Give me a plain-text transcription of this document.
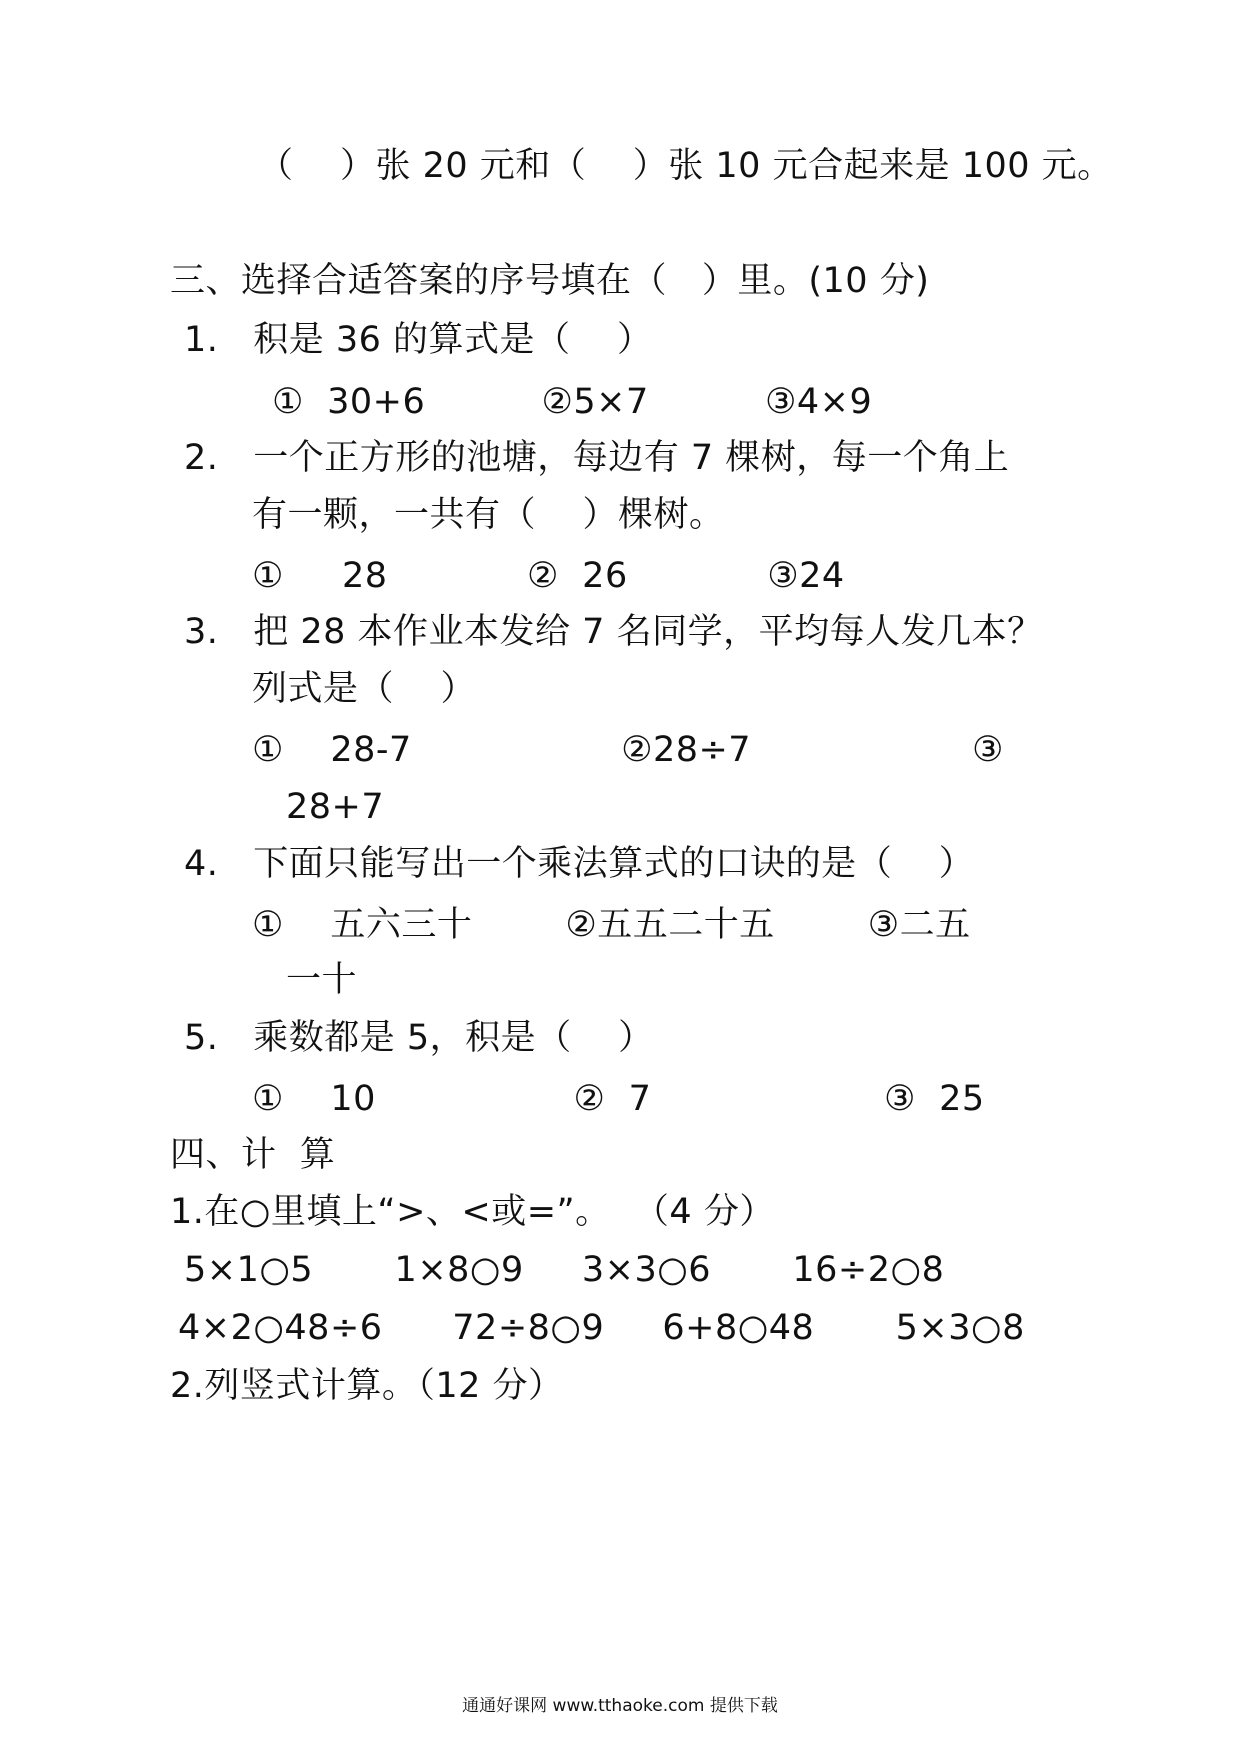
（    ）张 20 元和（    ）张 10 元合起来是 100 元。
三、选择合适答案的序号填在（   ）里。(10 分)
1.   积是 36 的算式是（    ）
①  30+6          ②5×7          ③4×9
2.   一个正方形的池塘，每边有 7 棵树，每一个角上
有一颗，一共有（    ）棵树。
①     28            ②  26            ③24
3.   把 28 本作业本发给 7 名同学，平均每人发几本？
列式是（    ）
①    28-7                  ②28÷7                   ③
28+7
4.   下面只能写出一个乘法算式的口诀的是（    ）
①    五六三十        ②五五二十五        ③二五
一十
5.   乘数都是 5，积是（    ）
①    10                 ②  7                    ③  25
四、计  算
1.在○里填上“>、<或=”。  （4 分）
5×1○5       1×8○9     3×3○6       16÷2○8
4×2○48÷6      72÷8○9     6+8○48       5×3○8
2.列竖式计算。（12 分）
通通好课网 www.tthaoke.com 提供下载
